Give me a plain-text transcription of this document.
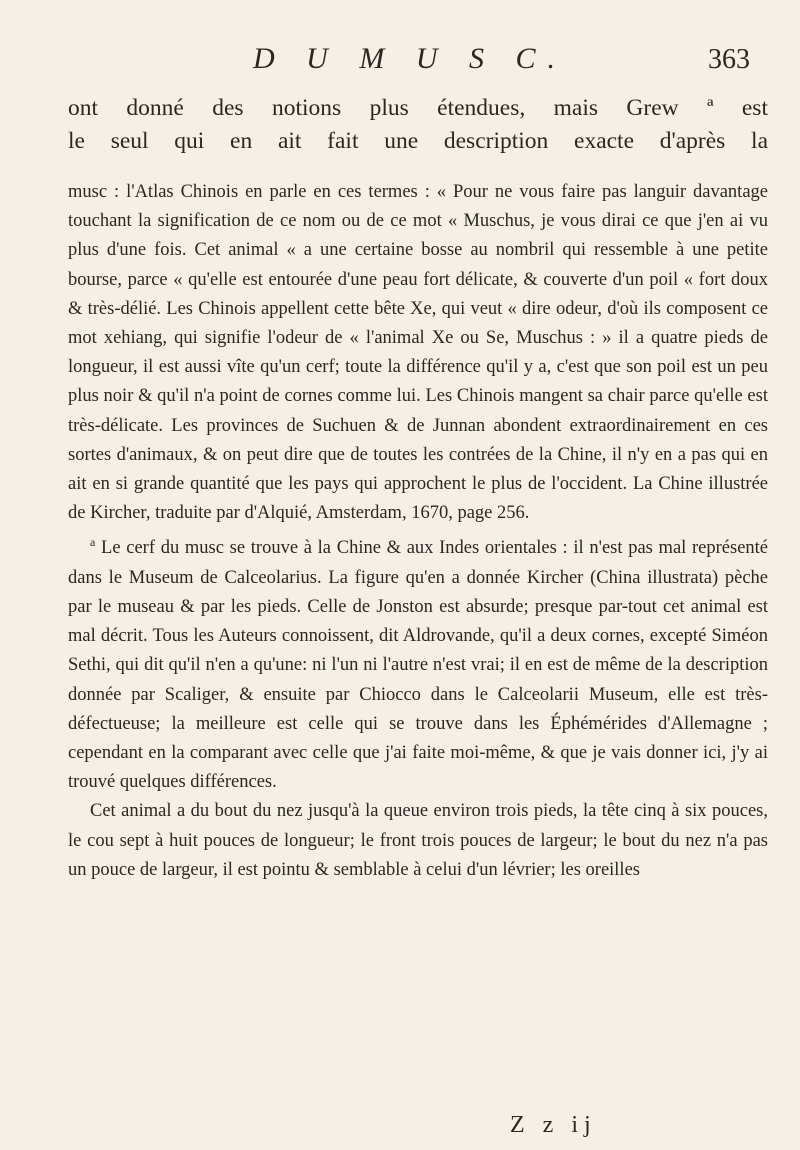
D U M U S C.	363

ont donné des notions plus étendues, mais Grew ª est

le seul qui en ait fait une description exacte d'après la

musc : l'Atlas Chinois en parle en ces termes : « Pour ne vous faire pas languir davantage touchant la signification de ce nom ou de ce mot « Muschus, je vous dirai ce que j'en ai vu plus d'une fois. Cet animal « a une certaine bosse au nombril qui ressemble à une petite bourse, parce « qu'elle est entourée d'une peau fort délicate, & couverte d'un poil « fort doux & très-délié. Les Chinois appellent cette bête Xe, qui veut « dire odeur, d'où ils composent ce mot xehiang, qui signifie l'odeur de « l'animal Xe ou Se, Muschus : » il a quatre pieds de longueur, il est aussi vîte qu'un cerf; toute la différence qu'il y a, c'est que son poil est un peu plus noir & qu'il n'a point de cornes comme lui. Les Chinois mangent sa chair parce qu'elle est très-délicate. Les provinces de Suchuen & de Junnan abondent extraordinairement en ces sortes d'animaux, & on peut dire que de toutes les contrées de la Chine, il n'y en a pas qui en ait en si grande quantité que les pays qui approchent le plus de l'occident. La Chine illustrée de Kircher, traduite par d'Alquié, Amsterdam, 1670, page 256.

$^a$ Le cerf du musc se trouve à la Chine & aux Indes orientales : il n'est pas mal représenté dans le Museum de Calceolarius. La figure qu'en a donnée Kircher (China illustrata) pèche par le museau & par les pieds. Celle de Jonston est absurde; presque par-tout cet animal est mal décrit. Tous les Auteurs connoissent, dit Aldrovande, qu'il a deux cornes, excepté Siméon Sethi, qui dit qu'il n'en a qu'une: ni l'un ni l'autre n'est vrai; il en est de même de la description donnée par Scaliger, & ensuite par Chiocco dans le Calceolarii Museum, elle est très-défectueuse; la meilleure est celle qui se trouve dans les Éphémérides d'Allemagne ; cependant en la comparant avec celle que j'ai faite moi-même, & que je vais donner ici, j'y ai trouvé quelques différences.

Cet animal a du bout du nez jusqu'à la queue environ trois pieds, la tête cinq à six pouces, le cou sept à huit pouces de longueur; le front trois pouces de largeur; le bout du nez n'a pas un pouce de largeur, il est pointu & semblable à celui d'un lévrier; les oreilles

Z z ij
